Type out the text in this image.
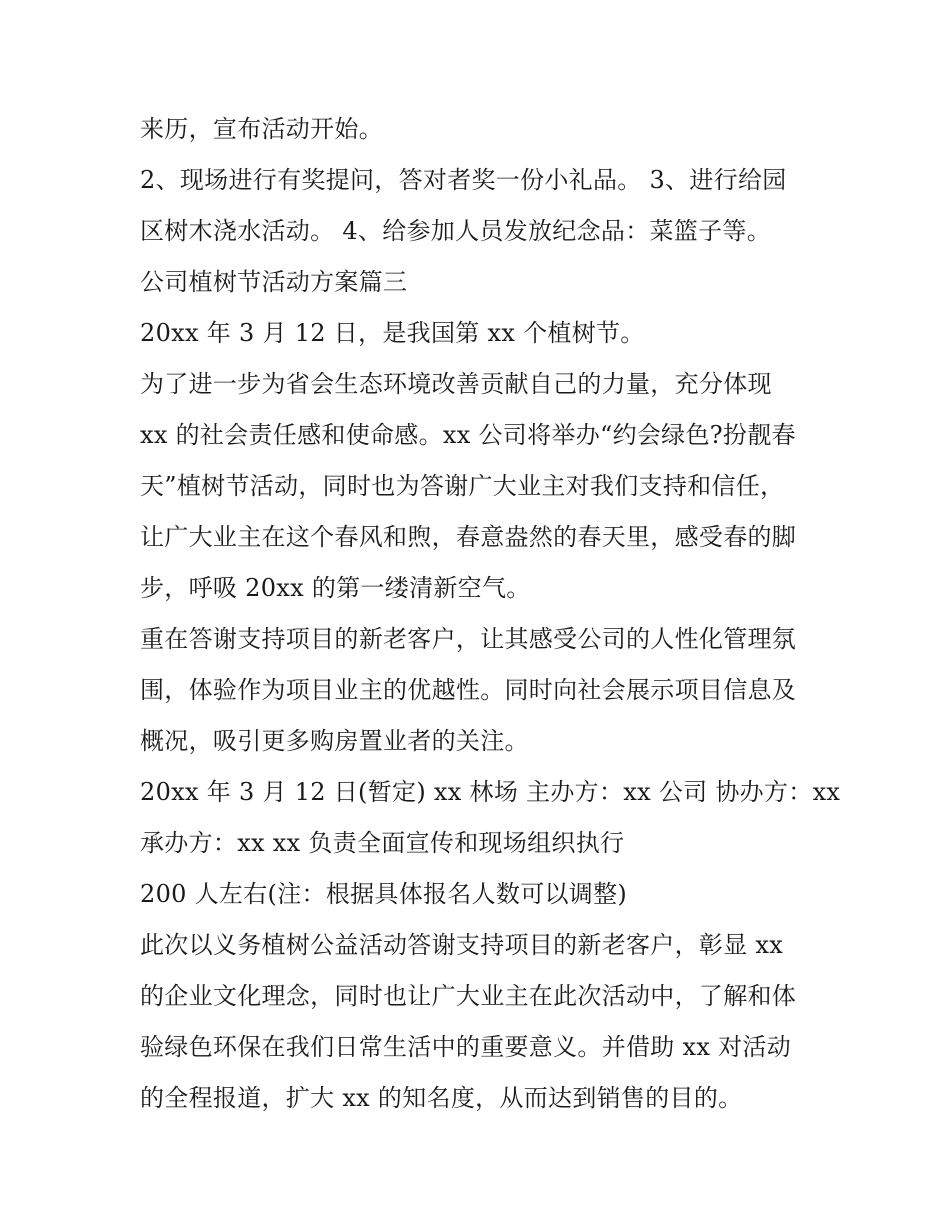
来历，宣布活动开始。
2、现场进行有奖提问，答对者奖一份小礼品。 3、进行给园
区树木浇水活动。 4、给参加人员发放纪念品：菜篮子等。
公司植树节活动方案篇三
20xx 年 3 月 12 日，是我国第 xx 个植树节。
为了进一步为省会生态环境改善贡献自己的力量，充分体现
xx 的社会责任感和使命感。xx 公司将举办“约会绿色?扮靓春
天”植树节活动，同时也为答谢广大业主对我们支持和信任，
让广大业主在这个春风和煦，春意盎然的春天里，感受春的脚
步，呼吸 20xx 的第一缕清新空气。
重在答谢支持项目的新老客户，让其感受公司的人性化管理氛
围，体验作为项目业主的优越性。同时向社会展示项目信息及
概况，吸引更多购房置业者的关注。
20xx 年 3 月 12 日(暂定) xx 林场 主办方：xx 公司 协办方：xx
承办方：xx xx 负责全面宣传和现场组织执行
200 人左右(注：根据具体报名人数可以调整)
此次以义务植树公益活动答谢支持项目的新老客户，彰显 xx
的企业文化理念，同时也让广大业主在此次活动中，了解和体
验绿色环保在我们日常生活中的重要意义。并借助 xx 对活动
的全程报道，扩大 xx 的知名度，从而达到销售的目的。
